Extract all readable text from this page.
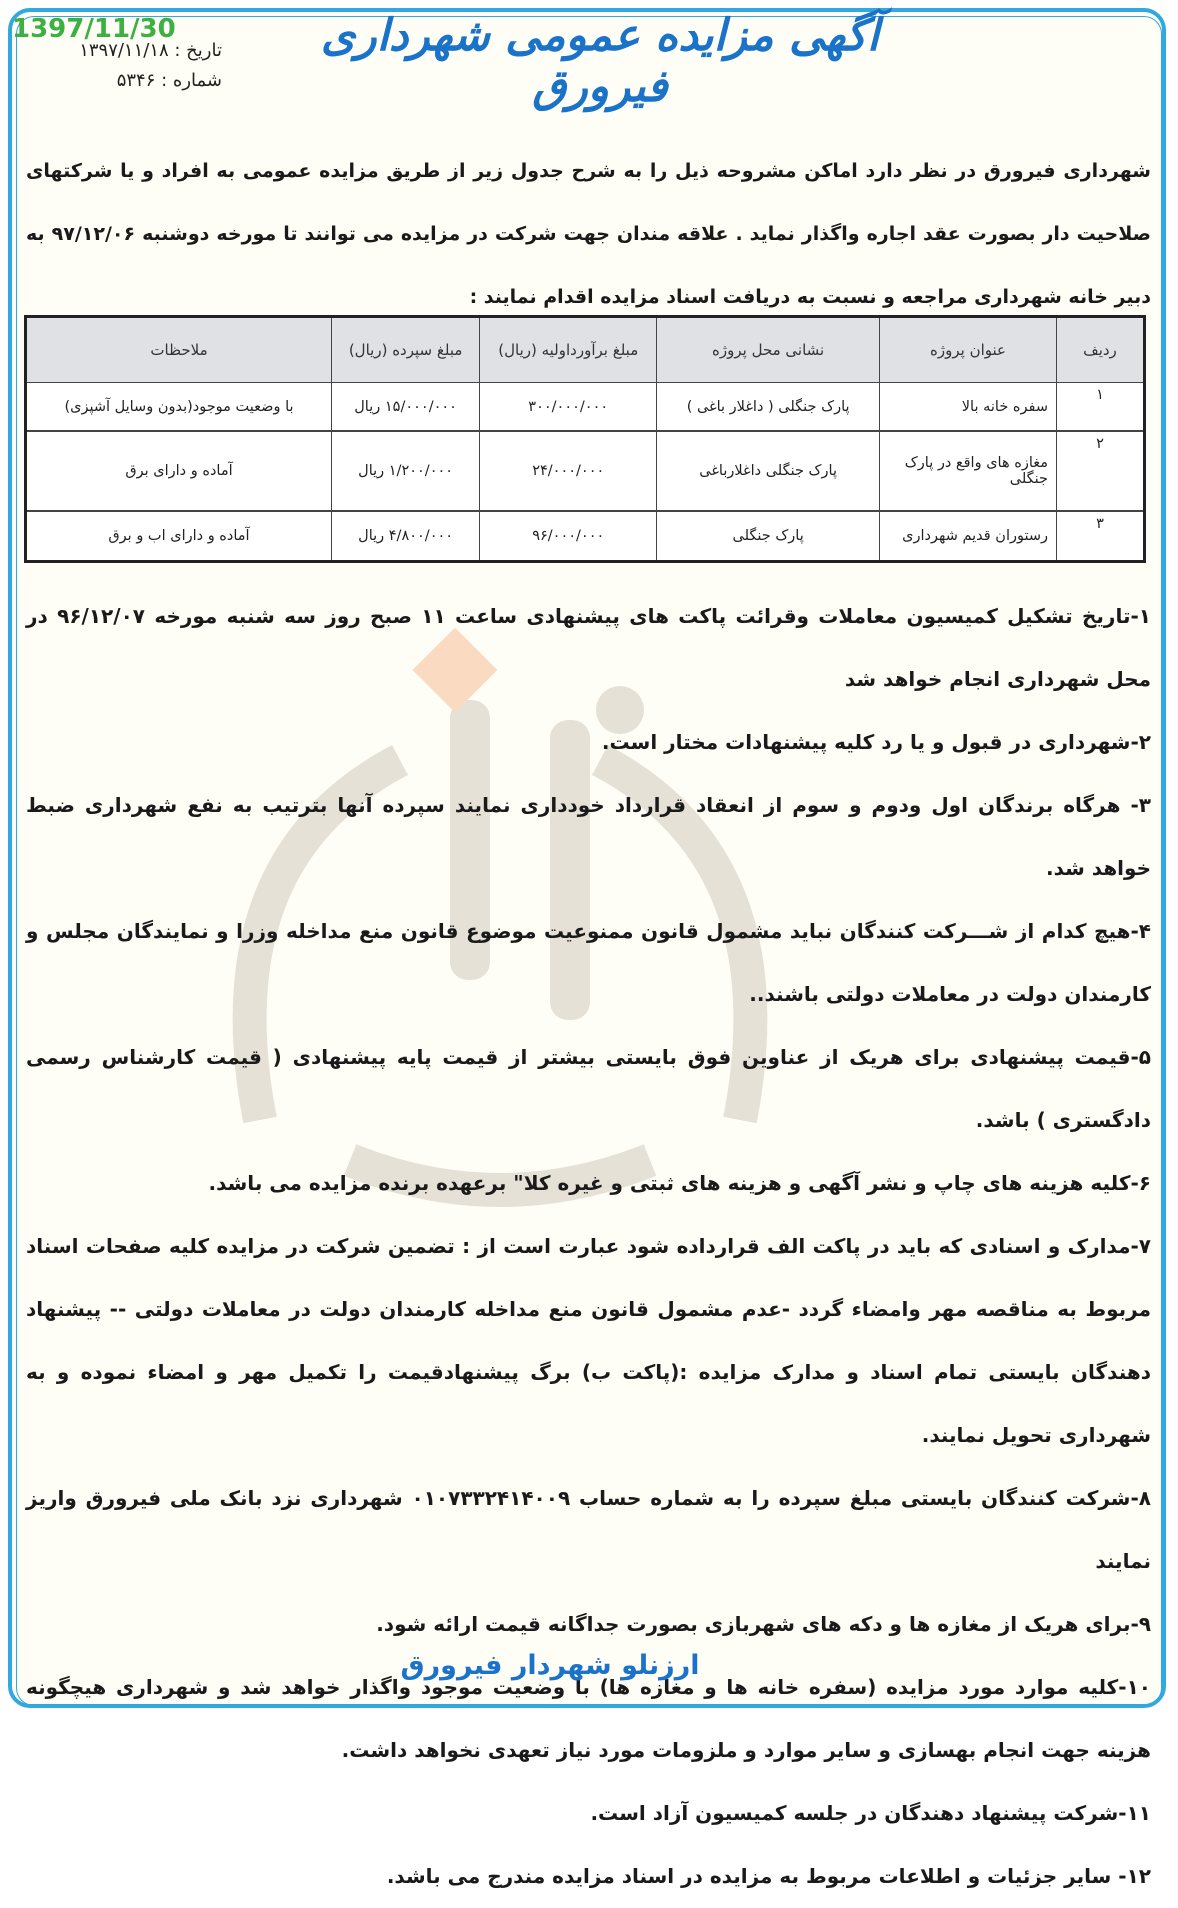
1397/11/30
تاریخ : ۱۳۹۷/۱۱/۱۸
شماره : ۵۳۴۶
آگهی مزایده عمومی شهرداری فیرورق
شهرداری فیرورق در نظر دارد اماکن مشروحه ذیل را به شرح جدول زیر از طریق مزایده عمومی به افراد و یا شرکتهای صلاحیت دار بصورت عقد اجاره واگذار نماید . علاقه مندان جهت شرکت در مزایده می توانند تا مورخه دوشنبه ۹۷/۱۲/۰۶ به دبیر خانه شهرداری مراجعه و نسبت به دریافت اسناد مزایده اقدام نمایند :
ردیف	عنوان پروژه	نشانی محل پروژه	مبلغ برآورداولیه (ریال)	مبلغ سپرده (ریال)	ملاحظات
۱	سفره خانه بالا	پارک جنگلی ( داغلار باغی )	۳۰۰/۰۰۰/۰۰۰	۱۵/۰۰۰/۰۰۰ ریال	با وضعیت موجود(بدون وسایل آشپزی)
۲	مغازه های واقع در پارک جنگلی	پارک جنگلی داغلارباغی	۲۴/۰۰۰/۰۰۰	۱/۲۰۰/۰۰۰ ریال	آماده و دارای برق
۳	رستوران قدیم شهرداری	پارک جنگلی	۹۶/۰۰۰/۰۰۰	۴/۸۰۰/۰۰۰ ریال	آماده و دارای اب و برق

۱-تاریخ تشکیل کمیسیون معاملات وقرائت پاکت های پیشنهادی ساعت ۱۱ صبح روز سه شنبه مورخه ۹۶/۱۲/۰۷ در محل شهرداری انجام خواهد شد

۲-شهرداری در قبول و یا رد کلیه پیشنهادات مختار است.

۳- هرگاه برندگان اول ودوم و سوم از انعقاد قرارداد خودداری نمایند سپرده آنها بترتیب به نفع شهرداری ضبط خواهد شد.

۴-هیچ کدام از شـــرکت کنندگان نباید مشمول قانون ممنوعیت موضوع قانون منع مداخله وزرا و نمایندگان مجلس و کارمندان دولت در معاملات دولتی باشند..

۵-قیمت پیشنهادی برای هریک از عناوین فوق بایستی بیشتر از قیمت پایه پیشنهادی ( قیمت کارشناس رسمی دادگستری ) باشد.

۶-کلیه هزینه های چاپ و نشر آگهی و هزینه های ثبتی و غیره کلا" برعهده برنده مزایده می باشد.

۷-مدارک و اسنادی که باید در پاکت الف قرارداده شود عبارت است از : تضمین شرکت در مزایده کلیه صفحات اسناد مربوط به مناقصه مهر وامضاء گردد -عدم مشمول قانون منع مداخله کارمندان دولت در معاملات دولتی -- پیشنهاد دهندگان بایستی تمام اسناد و مدارک مزایده :(پاکت ب) برگ پیشنهادقیمت را تکمیل مهر و امضاء نموده و به شهرداری تحویل نمایند.

۸-شرکت کنندگان بایستی مبلغ سپرده را به شماره حساب ۰۱۰۷۳۳۲۴۱۴۰۰۹ شهرداری نزد بانک ملی فیرورق واریز نمایند

۹-برای هریک از مغازه ها و دکه های شهربازی بصورت جداگانه قیمت ارائه شود.

۱۰-کلیه موارد مورد مزایده (سفره خانه ها و مغازه ها) با وضعیت موجود واگذار خواهد شد و شهرداری هیچگونه هزینه جهت انجام بهسازی و سایر موارد و ملزومات مورد نیاز تعهدی نخواهد داشت.

۱۱-شرکت پیشنهاد دهندگان در جلسه کمیسیون آزاد است.

۱۲- سایر جزئیات و اطلاعات مربوط به مزایده در اسناد مزایده مندرج می باشد.

ارزنلو شهردار فیرورق
